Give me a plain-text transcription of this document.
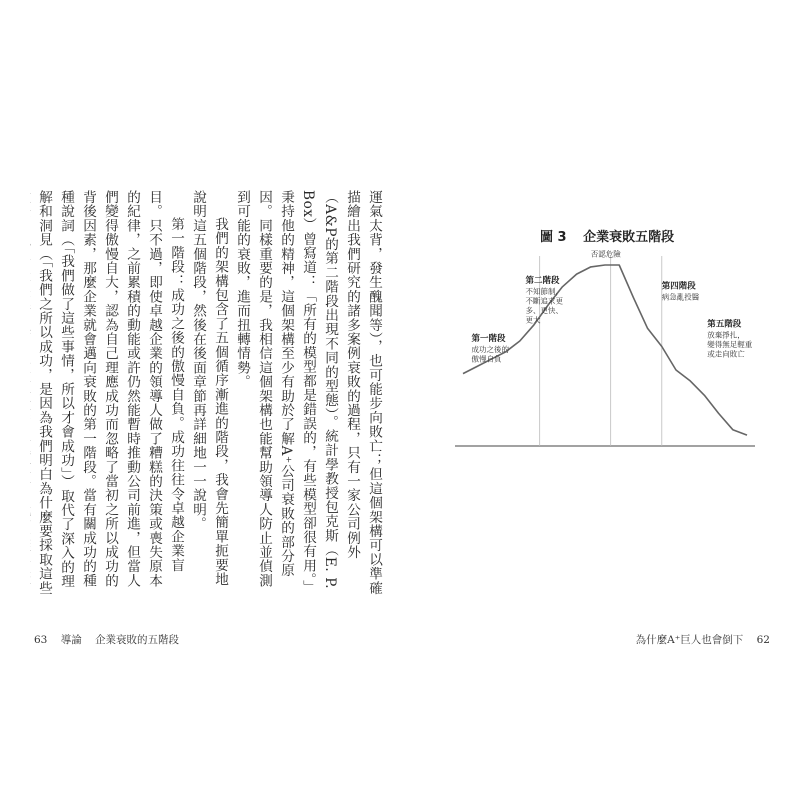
運氣太背，發生醜聞等），也可能步向敗亡；但這個架構可以準確描繪出我們研究的諸多案例衰敗的過程，只有一家公司例外（A&P的第二階段出現不同的型態）。統計學教授包克斯（E. P. Box）曾寫道：「所有的模型都是錯誤的，有些模型卻很有用。」秉持他的精神，這個架構至少有助於了解A⁺公司衰敗的部分原因。同樣重要的是，我相信這個架構也能幫助領導人防止並偵測到可能的衰敗，進而扭轉情勢。

我們的架構包含了五個循序漸進的階段，我會先簡單扼要地說明這五個階段，然後在後面章節再詳細地一一說明。

第一階段：成功之後的傲慢自負。成功往往令卓越企業盲目。只不過，即使卓越企業的領導人做了糟糕的決策或喪失原本的紀律，之前累積的動能或許仍然能暫時推動公司前進，但當人們變得傲慢自大，認為自己理應成功而忽略了當初之所以成功的背後因素，那麼企業就會邁向衰敗的第一階段。當有關成功的種種說詞（「我們做了這些事情，所以才會成功」）取代了深入的理解和洞見（「我們之所以成功，是因為我們明白為什麼要採取這些

63 導論 企業衰敗的五階段	為什麼A⁺巨人也會倒下 62
圖 3 企業衰敗五階段
第一階段
成功之後的
傲慢自負
第二階段
不知節制，
不斷追求更
多、更快、
更大
否認危險
第四階段
病急亂投醫
第五階段
放棄掙扎，
變得無足輕重
或走向敗亡
